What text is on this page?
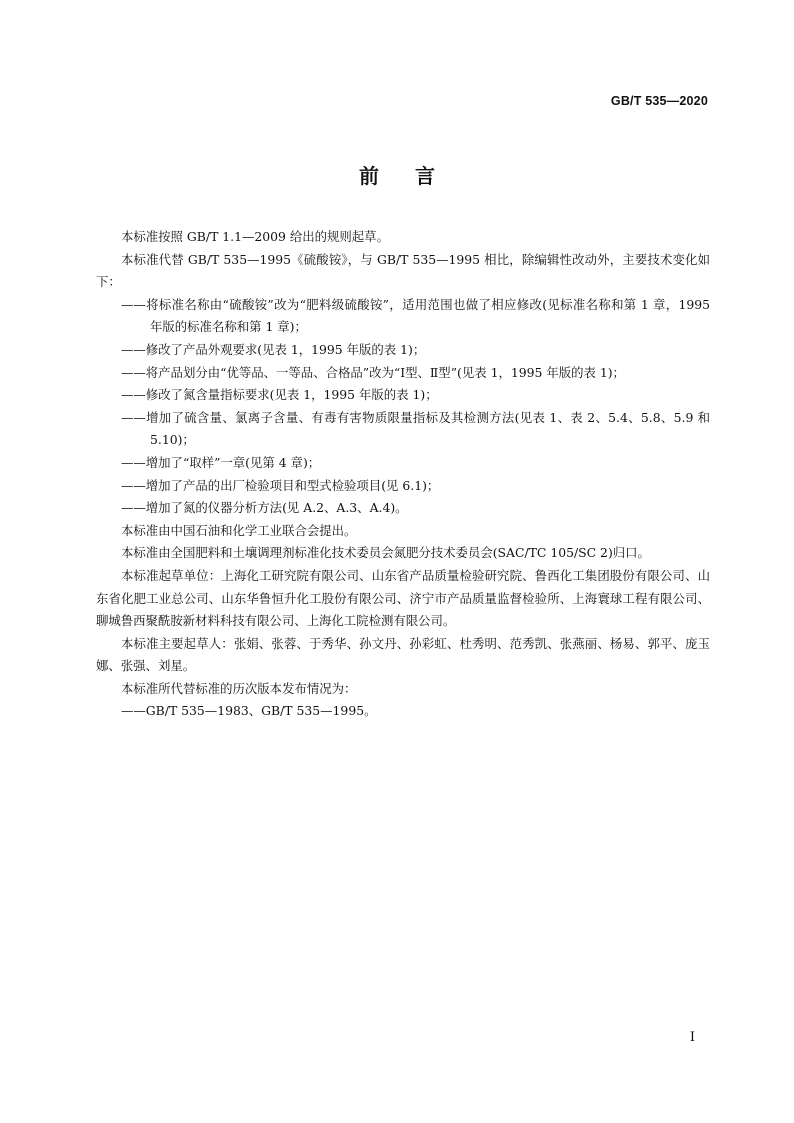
GB/T 535—2020
前言

本标准按照 GB/T 1.1—2009 给出的规则起草。

本标准代替 GB/T 535—1995《硫酸铵》，与 GB/T 535—1995 相比，除编辑性改动外，主要技术变化如下：

——将标准名称由“硫酸铵”改为“肥料级硫酸铵”，适用范围也做了相应修改(见标准名称和第 1 章，1995 年版的标准名称和第 1 章)；

——修改了产品外观要求(见表 1，1995 年版的表 1)；

——将产品划分由“优等品、一等品、合格品”改为“Ⅰ型、Ⅱ型”(见表 1，1995 年版的表 1)；

——修改了氮含量指标要求(见表 1，1995 年版的表 1)；

——增加了硫含量、氯离子含量、有毒有害物质限量指标及其检测方法(见表 1、表 2、5.4、5.8、5.9 和 5.10)；

——增加了“取样”一章(见第 4 章)；

——增加了产品的出厂检验项目和型式检验项目(见 6.1)；

——增加了氮的仪器分析方法(见 A.2、A.3、A.4)。

本标准由中国石油和化学工业联合会提出。

本标准由全国肥料和土壤调理剂标准化技术委员会氮肥分技术委员会(SAC/TC 105/SC 2)归口。

本标准起草单位：上海化工研究院有限公司、山东省产品质量检验研究院、鲁西化工集团股份有限公司、山东省化肥工业总公司、山东华鲁恒升化工股份有限公司、济宁市产品质量监督检验所、上海寰球工程有限公司、聊城鲁西聚酰胺新材料科技有限公司、上海化工院检测有限公司。

本标准主要起草人：张娟、张蓉、于秀华、孙文丹、孙彩虹、杜秀明、范秀凯、张燕丽、杨易、郭平、庞玉娜、张强、刘星。

本标准所代替标准的历次版本发布情况为：

——GB/T 535—1983、GB/T 535—1995。

I
